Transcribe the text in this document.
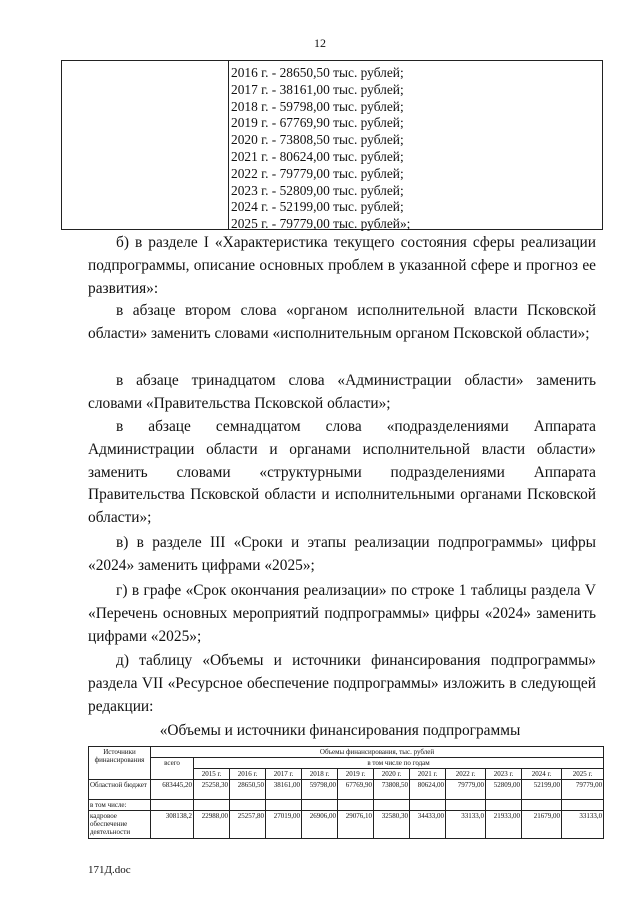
12
2016 г. - 28650,50 тыс. рублей;
2017 г. - 38161,00 тыс. рублей;
2018 г. - 59798,00 тыс. рублей;
2019 г. - 67769,90 тыс. рублей;
2020 г. - 73808,50 тыс. рублей;
2021 г. - 80624,00 тыс. рублей;
2022 г. - 79779,00 тыс. рублей;
2023 г. - 52809,00 тыс. рублей;
2024 г. - 52199,00 тыс. рублей;
2025 г. - 79779,00 тыс. рублей»;

б) в разделе I «Характеристика текущего состояния сферы реализации подпрограммы, описание основных проблем в указанной сфере и прогноз ее развития»:

в абзаце втором слова «органом исполнительной власти Псковской области» заменить словами «исполнительным органом Псковской области»;

в абзаце тринадцатом слова «Администрации области» заменить словами «Правительства Псковской области»;

в абзаце семнадцатом слова «подразделениями Аппарата Администрации области и органами исполнительной власти области» заменить словами «структурными подразделениями Аппарата Правительства Псковской области и исполнительными органами Псковской области»;

в) в разделе III «Сроки и этапы реализации подпрограммы» цифры «2024» заменить цифрами «2025»;

г) в графе «Срок окончания реализации» по строке 1 таблицы раздела V «Перечень основных мероприятий подпрограммы» цифры «2024» заменить цифрами «2025»;

д) таблицу «Объемы и источники финансирования подпрограммы» раздела VII «Ресурсное обеспечение подпрограммы» изложить в следующей редакции:

«Объемы и источники финансирования подпрограммы
Источники финансирования	Объемы финансирования, тыс. рублей											
	всего	в том числе по годам										
		2015 г.	2016 г.	2017 г.	2018 г.	2019 г.	2020 г.	2021 г.	2022 г.	2023 г.	2024 г.	2025 г.
Областной бюджет	683445,20	25258,30	28650,50	38161,00	59798,00	67769,90	73808,50	80624,00	79779,00	52809,00	52199,00	79779,00
в том числе:												
кадровое обеспечение деятельности	308138,2	22988,00	25257,80	27019,00	26906,00	29076,10	32580,30	34433,00	33133,0	21933,00	21679,00	33133,0
171Д.doc
